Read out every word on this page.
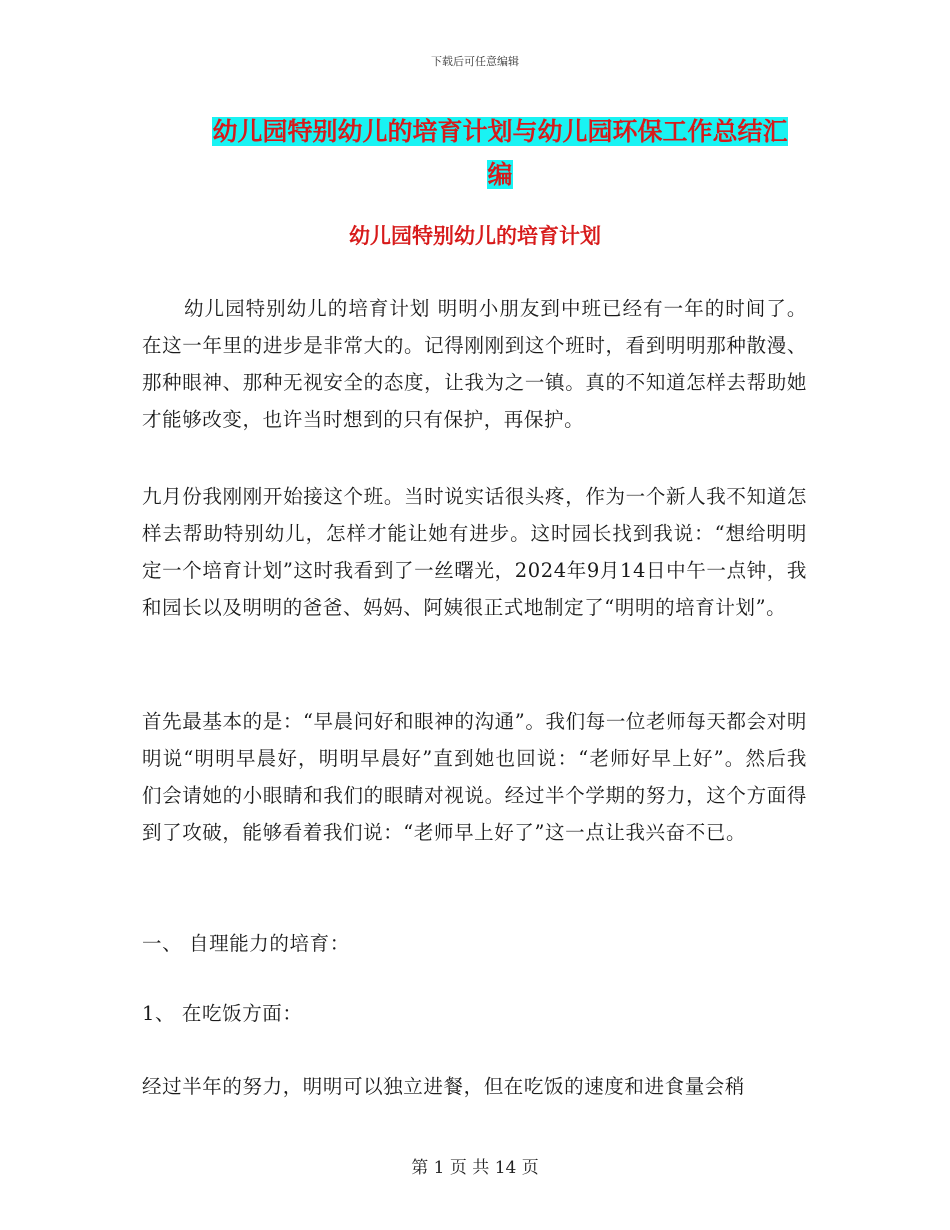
下载后可任意编辑
幼儿园特别幼儿的培育计划与幼儿园环保工作总结汇
编
幼儿园特别幼儿的培育计划

幼儿园特别幼儿的培育计划 明明小朋友到中班已经有一年的时间了。在这一年里的进步是非常大的。记得刚刚到这个班时，看到明明那种散漫、那种眼神、那种无视安全的态度，让我为之一镇。真的不知道怎样去帮助她才能够改变，也许当时想到的只有保护，再保护。

九月份我刚刚开始接这个班。当时说实话很头疼，作为一个新人我不知道怎样去帮助特别幼儿，怎样才能让她有进步。这时园长找到我说：“想给明明定一个培育计划”这时我看到了一丝曙光，2024年9月14日中午一点钟，我和园长以及明明的爸爸、妈妈、阿姨很正式地制定了“明明的培育计划”。

首先最基本的是：“早晨问好和眼神的沟通”。我们每一位老师每天都会对明明说“明明早晨好，明明早晨好”直到她也回说：“老师好早上好”。然后我们会请她的小眼睛和我们的眼睛对视说。经过半个学期的努力，这个方面得到了攻破，能够看着我们说：“老师早上好了”这一点让我兴奋不已。

一、 自理能力的培育：

1、 在吃饭方面：

经过半年的努力，明明可以独立进餐，但在吃饭的速度和进食量会稍

第 1 页 共 14 页
